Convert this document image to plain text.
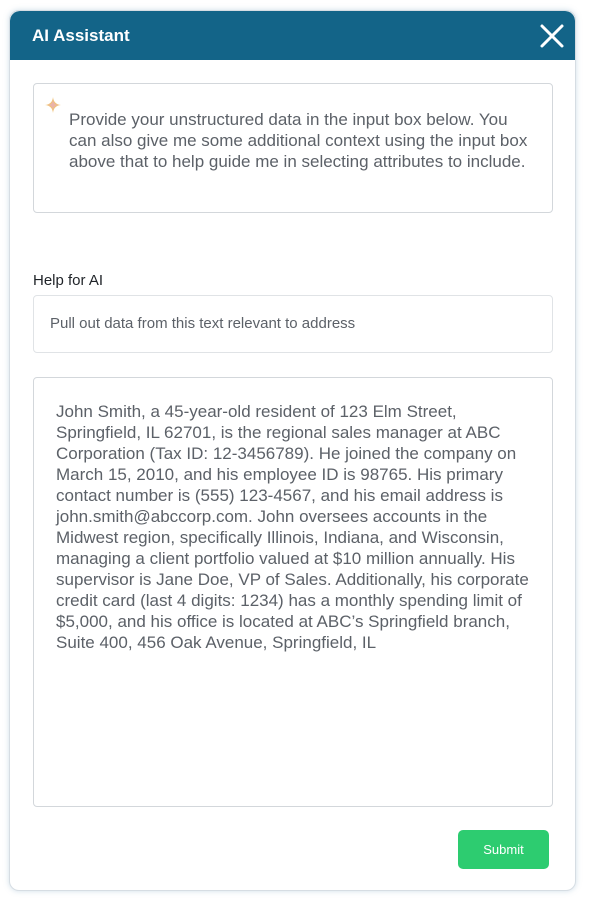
AI Assistant
Provide your unstructured data in the input box below. You can also give me some additional context using the input box above that to help guide me in selecting attributes to include.
Help for AI
Pull out data from this text relevant to address
John Smith, a 45-year-old resident of 123 Elm Street, Springfield, IL 62701, is the regional sales manager at ABC Corporation (Tax ID: 12-3456789). He joined the company on March 15, 2010, and his employee ID is 98765. His primary contact number is (555) 123-4567, and his email address is john.smith@abccorp.com. John oversees accounts in the Midwest region, specifically Illinois, Indiana, and Wisconsin, managing a client portfolio valued at $10 million annually. His supervisor is Jane Doe, VP of Sales. Additionally, his corporate credit card (last 4 digits: 1234) has a monthly spending limit of $5,000, and his office is located at ABC’s Springfield branch, Suite 400, 456 Oak Avenue, Springfield, IL
Submit
